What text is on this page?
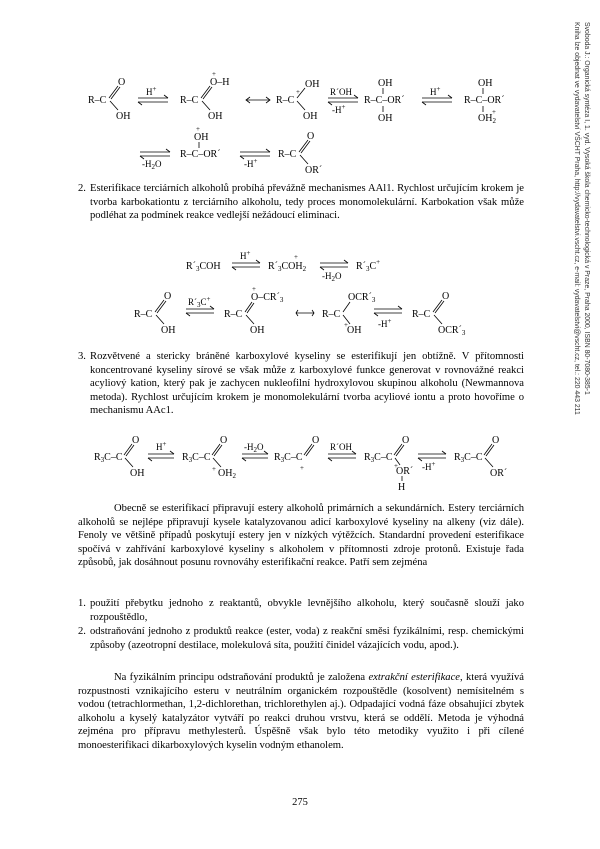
Svoboda J.: Organická syntéza I, 1. vyd. Vysoká škola chemicko-technologická v Praze, Praha 2000, ISBN 80-7080-385-1
Kniha lze objednat ve vydavatelství VŠCHT Praha, http://vydavatelstvi.vscht.cz, e-mail: vydavatelstvi@vscht.cz, tel.: 220 443 211
R–C
O
OH
H+
R–C
O–H
+
OH
R–C
+
OH
OH
R´OH
-H+
OH
R–C–OR´
OH
H+	OH
R–C–OR´
$OH_2$
+
$-H_2O$
+
OH
R–C–OR´
-H+
R–C
O
OR´
2. Esterifikace terciárních alkoholů probíhá převážně mechanismes AAl1. Rychlost určujícím krokem je tvorba karbokationtu z terciárního alkoholu, tedy proces monomolekulární. Karbokation však může podléhat za podmínek reakce vedlejší nežádoucí eliminaci.
$R´_3COH$
H+
$R´_3COH_2$
+
$-H_2O$
$R´_3C^+$
R–C
O
OH
$R´_3C^+$
R–C
$O-CR´_3$
+
OH
R–C
$OCR´_3$
OH
+	-H+
R–C
O
$OCR´_3$
3. Rozvětvené a stericky bráněné karboxylové kyseliny se esterifikují jen obtížně. V přítomnosti koncentrované kyseliny sírové se však může z karboxylové funkce generovat v rovnovážné reakci acyliový kation, který pak je zachycen nukleofilní hydroxylovou skupinou alkoholu (Newmannova metoda). Rychlost určujícím krokem je monomolekulární tvorba acyliové iontu a proto hovoříme o mechanismu AAc1.
$R_3C-C$
O
OH
H+
$R_3C-C$
O
$OH_2$
+
$-H_2O$
$R_3C-C$
O
+
R´OH
$R_3C-C$
O
OR´
+
H
-H+
$R_3C-C$
O
OR´

Obecně se esterifikací připravují estery alkoholů primárních a sekundárních. Estery terciárních alkoholů se nejlépe připravují kysele katalyzovanou adicí karboxylové kyseliny na alkeny (viz dále). Fenoly ve většině případů poskytují estery jen v nízkých výtěžcích. Standardní provedení esterifikace spočívá v zahřívání karboxylové kyseliny s alkoholem v přítomnosti zdroje protonů. Existuje řada způsobů, jak dosáhnout posunu rovnováhy esterifikační reakce. Patří sem zejména

1. použití přebytku jednoho z reaktantů, obvykle levnějšího alkoholu, který současně slouží jako rozpouštědlo,
2. odstraňování jednoho z produktů reakce (ester, voda) z reakční směsi fyzikálními, resp. chemickými způsoby (azeotropní destilace, molekulová síta, použití činidel vázajících vodu, apod.).

Na fyzikálním principu odstraňování produktů je založena extrakční esterifikace, která využívá rozpustnosti vznikajícího esteru v neutrálním organickém rozpouštědle (kosolvent) nemísitelném s vodou (tetrachlormethan, 1,2-dichlorethan, trichlorethylen aj.). Odpadající vodná fáze obsahující zbytek alkoholu a kyselý katalyzátor vytváří po reakci druhou vrstvu, která se oddělí. Metoda je výhodná zejména pro přípravu methylesterů. Úspěšně však bylo této metodiky využito i při cílené monoesterifikaci dikarboxylových kyselin vodným ethanolem.

275
